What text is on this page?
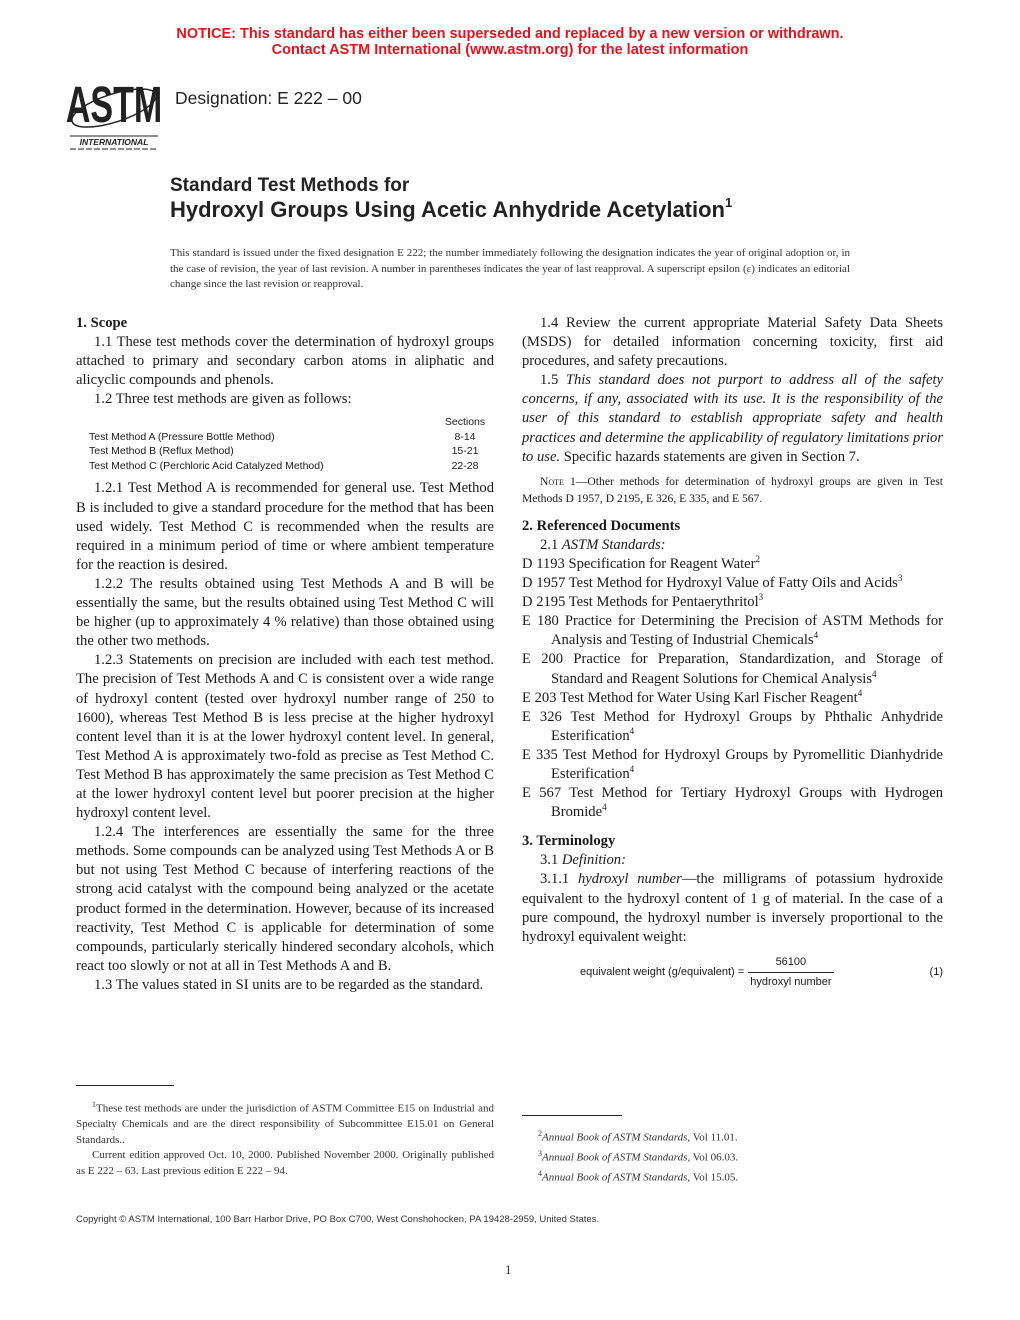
NOTICE: This standard has either been superseded and replaced by a new version or withdrawn.
Contact ASTM International (www.astm.org) for the latest information
ASTM
INTERNATIONAL
Designation: E 222 – 00
Standard Test Methods for
Hydroxyl Groups Using Acetic Anhydride Acetylation$^1$
This standard is issued under the fixed designation E 222; the number immediately following the designation indicates the year of original adoption or, in the case of revision, the year of last revision. A number in parentheses indicates the year of last reapproval. A superscript epsilon (ε) indicates an editorial change since the last revision or reapproval.
1. Scope

1.1 These test methods cover the determination of hydroxyl groups attached to primary and secondary carbon atoms in aliphatic and alicyclic compounds and phenols.

1.2 Three test methods are given as follows:

Sections
Test Method A (Pressure Bottle Method)	8-14
Test Method B (Reflux Method)	15-21
Test Method C (Perchloric Acid Catalyzed Method)	22-28

1.2.1 Test Method A is recommended for general use. Test Method B is included to give a standard procedure for the method that has been used widely. Test Method C is recommended when the results are required in a minimum period of time or where ambient temperature for the reaction is desired.

1.2.2 The results obtained using Test Methods A and B will be essentially the same, but the results obtained using Test Method C will be higher (up to approximately 4 % relative) than those obtained using the other two methods.

1.2.3 Statements on precision are included with each test method. The precision of Test Methods A and C is consistent over a wide range of hydroxyl content (tested over hydroxyl number range of 250 to 1600), whereas Test Method B is less precise at the higher hydroxyl content level than it is at the lower hydroxyl content level. In general, Test Method A is approximately two-fold as precise as Test Method C. Test Method B has approximately the same precision as Test Method C at the lower hydroxyl content level but poorer precision at the higher hydroxyl content level.

1.2.4 The interferences are essentially the same for the three methods. Some compounds can be analyzed using Test Methods A or B but not using Test Method C because of interfering reactions of the strong acid catalyst with the compound being analyzed or the acetate product formed in the determination. However, because of its increased reactivity, Test Method C is applicable for determination of some compounds, particularly sterically hindered secondary alcohols, which react too slowly or not at all in Test Methods A and B.

1.3 The values stated in SI units are to be regarded as the standard.

1.4 Review the current appropriate Material Safety Data Sheets (MSDS) for detailed information concerning toxicity, first aid procedures, and safety precautions.

1.5 This standard does not purport to address all of the safety concerns, if any, associated with its use. It is the responsibility of the user of this standard to establish appropriate safety and health practices and determine the applicability of regulatory limitations prior to use. Specific hazards statements are given in Section 7.

Note 1—Other methods for determination of hydroxyl groups are given in Test Methods D 1957, D 2195, E 326, E 335, and E 567.

2. Referenced Documents

2.1 ASTM Standards:

D 1193 Specification for Reagent Water$^2$

D 1957 Test Method for Hydroxyl Value of Fatty Oils and Acids$^3$

D 2195 Test Methods for Pentaerythritol$^3$

E 180 Practice for Determining the Precision of ASTM Methods for Analysis and Testing of Industrial Chemicals$^4$

E 200 Practice for Preparation, Standardization, and Storage of Standard and Reagent Solutions for Chemical Analysis$^4$

E 203 Test Method for Water Using Karl Fischer Reagent$^4$

E 326 Test Method for Hydroxyl Groups by Phthalic Anhydride Esterification$^4$

E 335 Test Method for Hydroxyl Groups by Pyromellitic Dianhydride Esterification$^4$

E 567 Test Method for Tertiary Hydroxyl Groups with Hydrogen Bromide$^4$

3. Terminology

3.1 Definition:

3.1.1 hydroxyl number—the milligrams of potassium hydroxide equivalent to the hydroxyl content of 1 g of material. In the case of a pure compound, the hydroxyl number is inversely proportional to the hydroxyl equivalent weight:

equivalent weight (g/equivalent) = $\frac{56100}{\text{hydroxyl number}}$	(1)

$^1$These test methods are under the jurisdiction of ASTM Committee E15 on Industrial and Specialty Chemicals and are the direct responsibility of Subcommittee E15.01 on General Standards..

Current edition approved Oct. 10, 2000. Published November 2000. Originally published as E 222 – 63. Last previous edition E 222 – 94.

$^2$Annual Book of ASTM Standards, Vol 11.01.

$^3$Annual Book of ASTM Standards, Vol 06.03.

$^4$Annual Book of ASTM Standards, Vol 15.05.

Copyright © ASTM International, 100 Barr Harbor Drive, PO Box C700, West Conshohocken, PA 19428-2959, United States.
1
